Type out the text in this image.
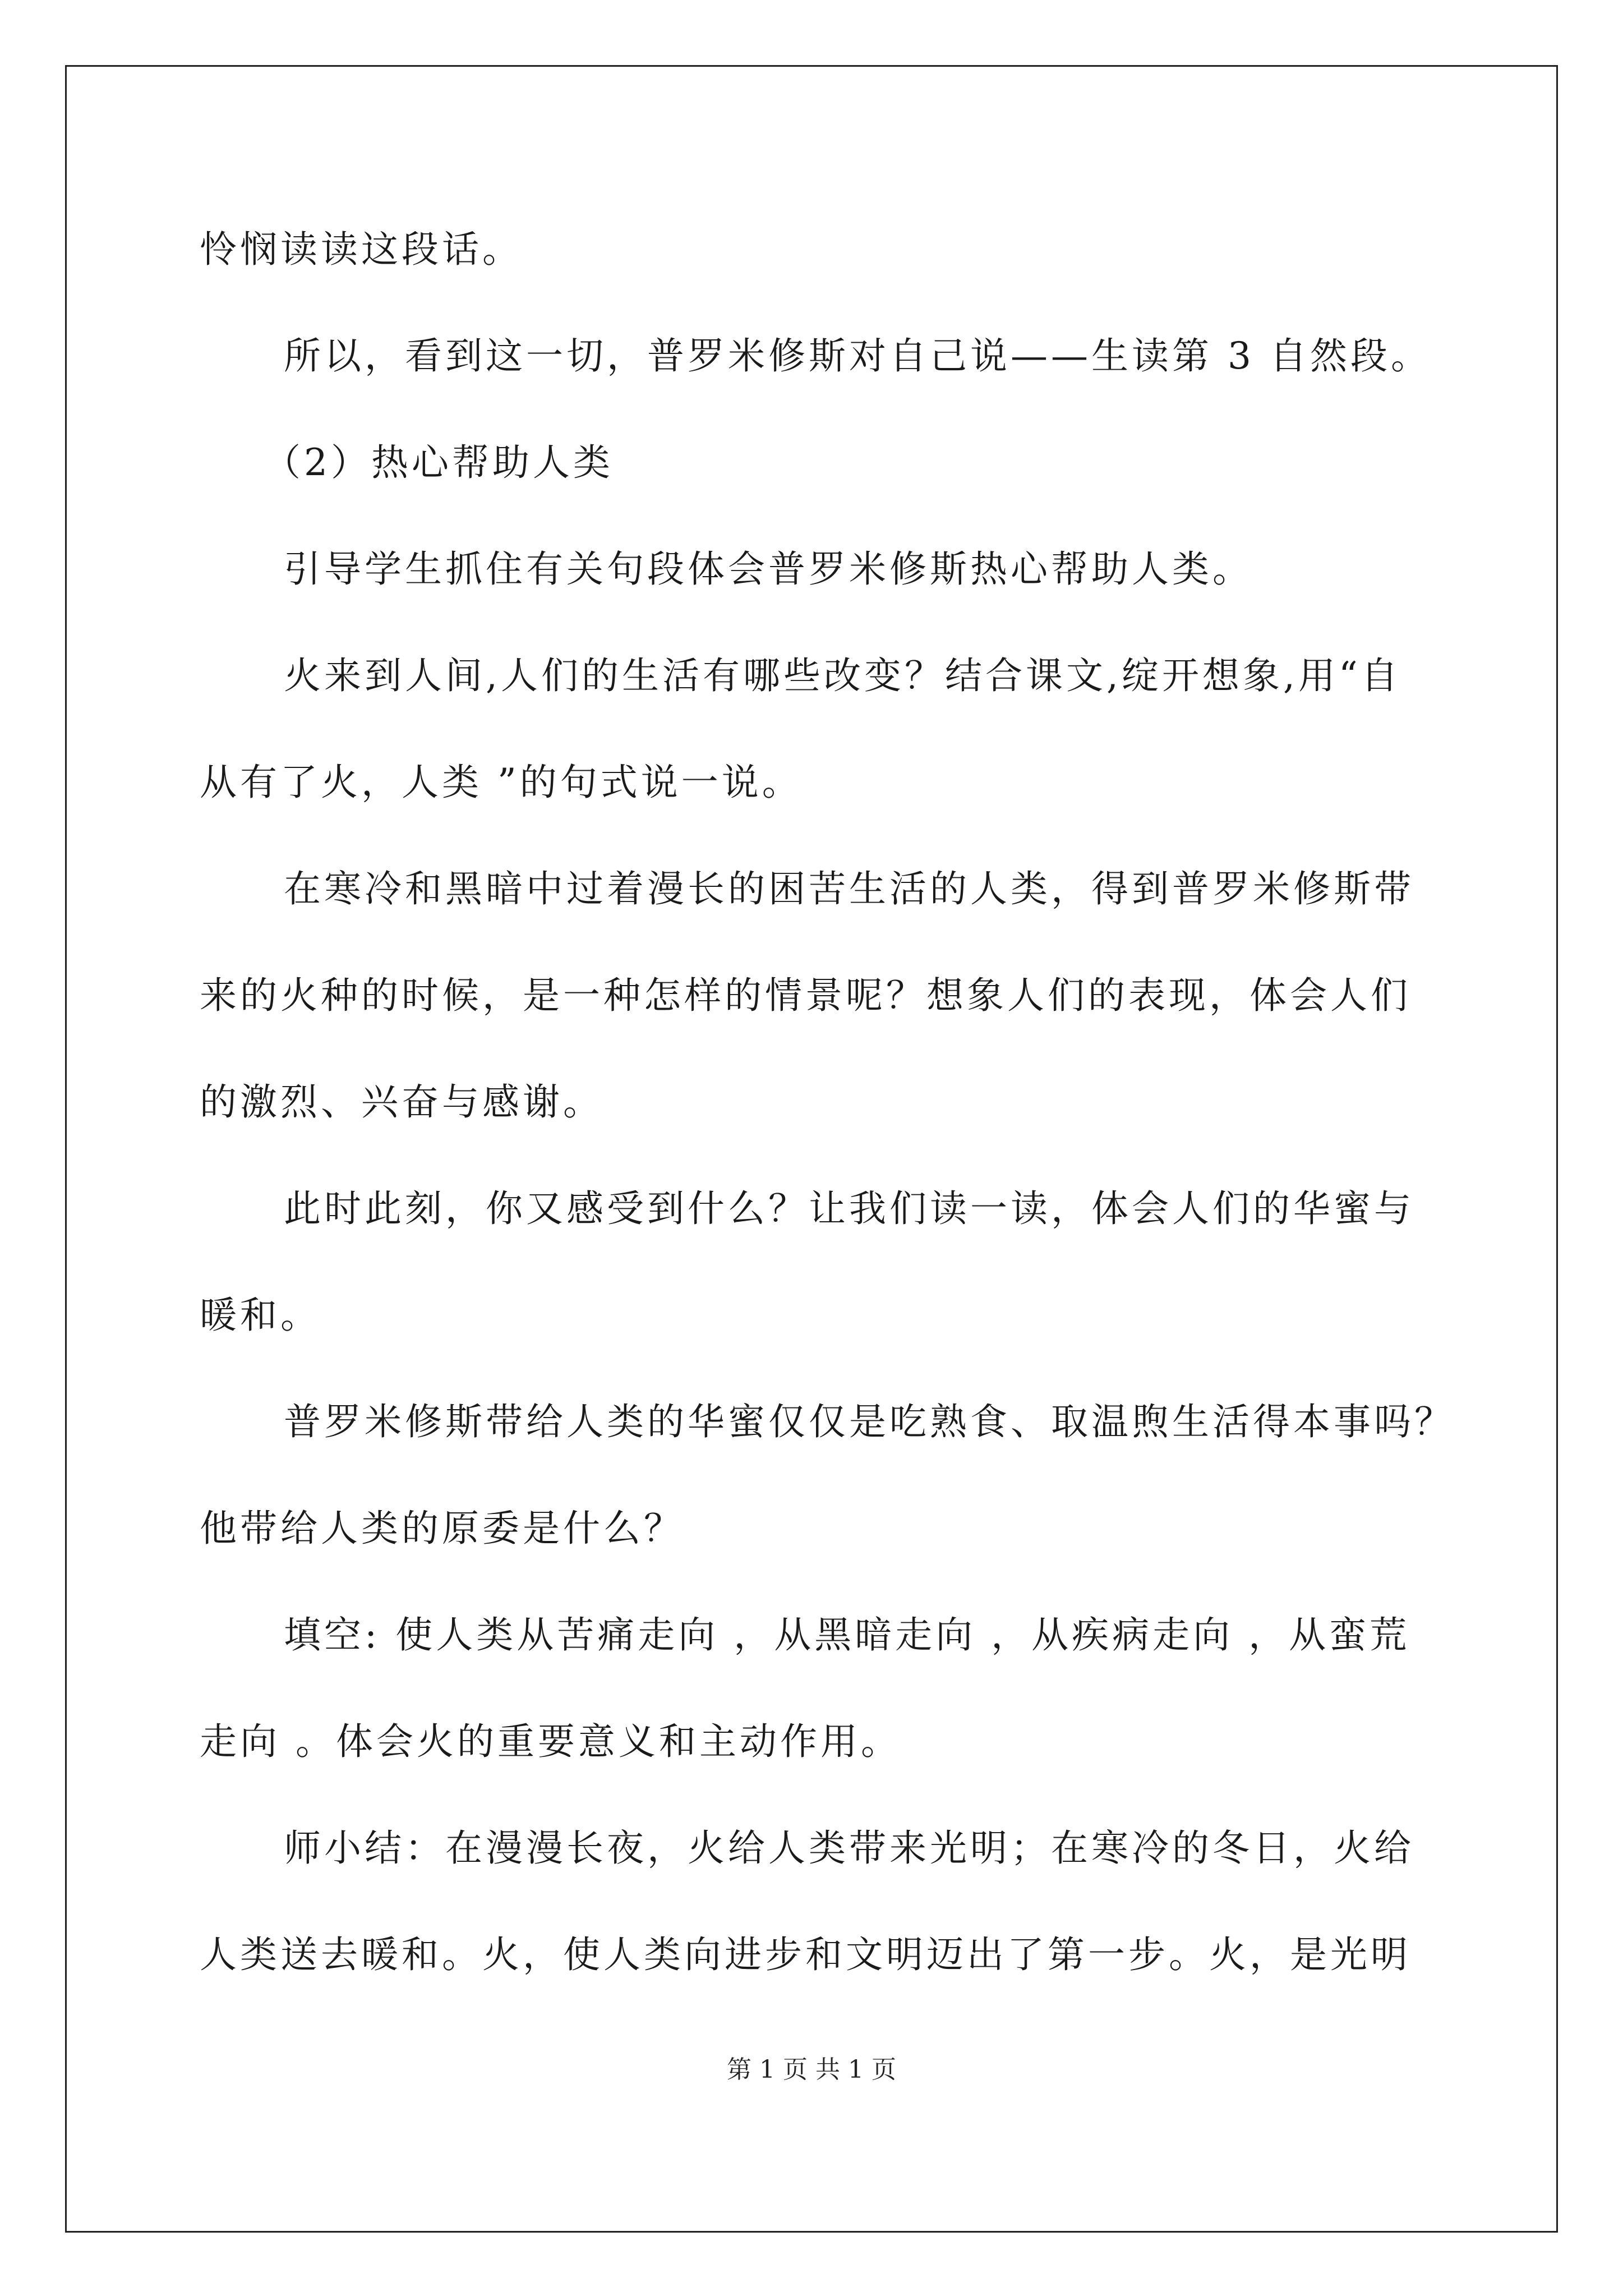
怜悯读读这段话。
所以，看到这一切，普罗米修斯对自己说——生读第 3 自然段。
（2）热心帮助人类
引导学生抓住有关句段体会普罗米修斯热心帮助人类。
火来到人间,人们的生活有哪些改变？结合课文,绽开想象,用“自
从有了火，人类 ”的句式说一说。
在寒冷和黑暗中过着漫长的困苦生活的人类，得到普罗米修斯带
来的火种的时候，是一种怎样的情景呢？想象人们的表现，体会人们
的激烈、兴奋与感谢。
此时此刻，你又感受到什么？让我们读一读，体会人们的华蜜与
暖和。
普罗米修斯带给人类的华蜜仅仅是吃熟食、取温煦生活得本事吗？
他带给人类的原委是什么？
填空: 使人类从苦痛走向 ，从黑暗走向 ，从疾病走向 ，从蛮荒
走向 。体会火的重要意义和主动作用。
师小结：在漫漫长夜，火给人类带来光明；在寒冷的冬日，火给
人类送去暖和。火，使人类向进步和文明迈出了第一步。火，是光明
第 1 页 共 1 页
